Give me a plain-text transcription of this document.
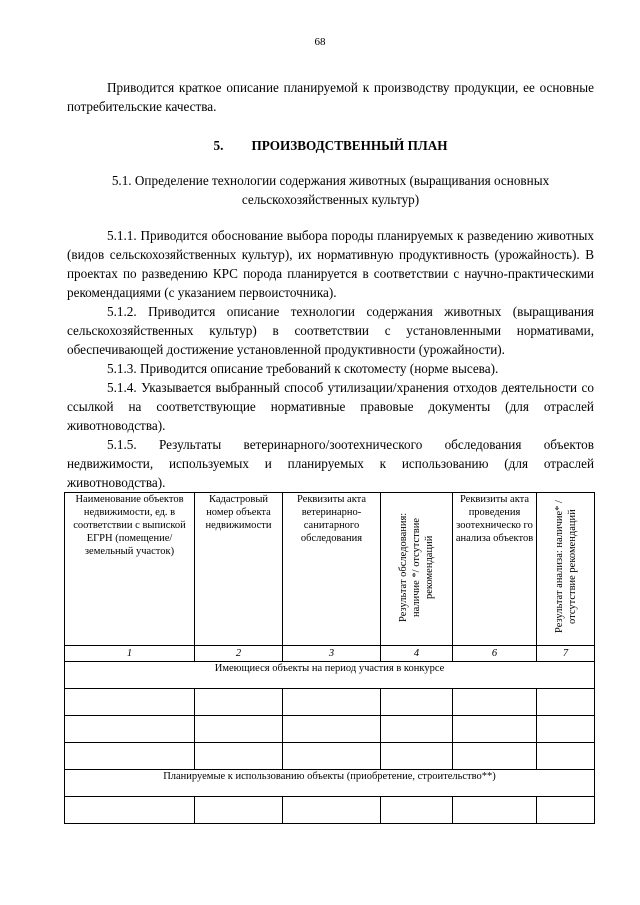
68

Приводится краткое описание планируемой к производству продукции, ее основные потребительские качества.

5. ПРОИЗВОДСТВЕННЫЙ ПЛАН

5.1. Определение технологии содержания животных (выращивания основных сельскохозяйственных культур)

5.1.1. Приводится обоснование выбора породы планируемых к разведению животных (видов сельскохозяйственных культур), их нормативную продуктивность (урожайность). В проектах по разведению КРС порода планируется в соответствии с научно-практическими рекомендациями (с указанием первоисточника).

5.1.2. Приводится описание технологии содержания животных (выращивания сельскохозяйственных культур) в соответствии с установленными нормативами, обеспечивающей достижение установленной продуктивности (урожайности).

5.1.3. Приводится описание требований к скотоместу (норме высева).

5.1.4. Указывается выбранный способ утилизации/хранения отходов деятельности со ссылкой на соответствующие нормативные правовые документы (для отраслей животноводства).

5.1.5. Результаты ветеринарного/зоотехнического обследования объектов недвижимости, используемых и планируемых к использованию (для отраслей животноводства).

Наименование объектов недвижимости, ед. в соответствии с выпиской ЕГРН (помещение/земельный участок)	Кадастровый номер объекта недвижимости	Реквизиты акта ветеринарно-санитарного обследования	Результат обследования: наличие */ отсутствие рекомендаций	Реквизиты акта проведения зоотехническо го анализа объектов	Результат анализа: наличие* / отсутствие рекомендаций
1	2	3	4	6	7
Имеющиеся объекты на период участия в конкурсе					

Планируемые к использованию объекты (приобретение, строительство**)					
